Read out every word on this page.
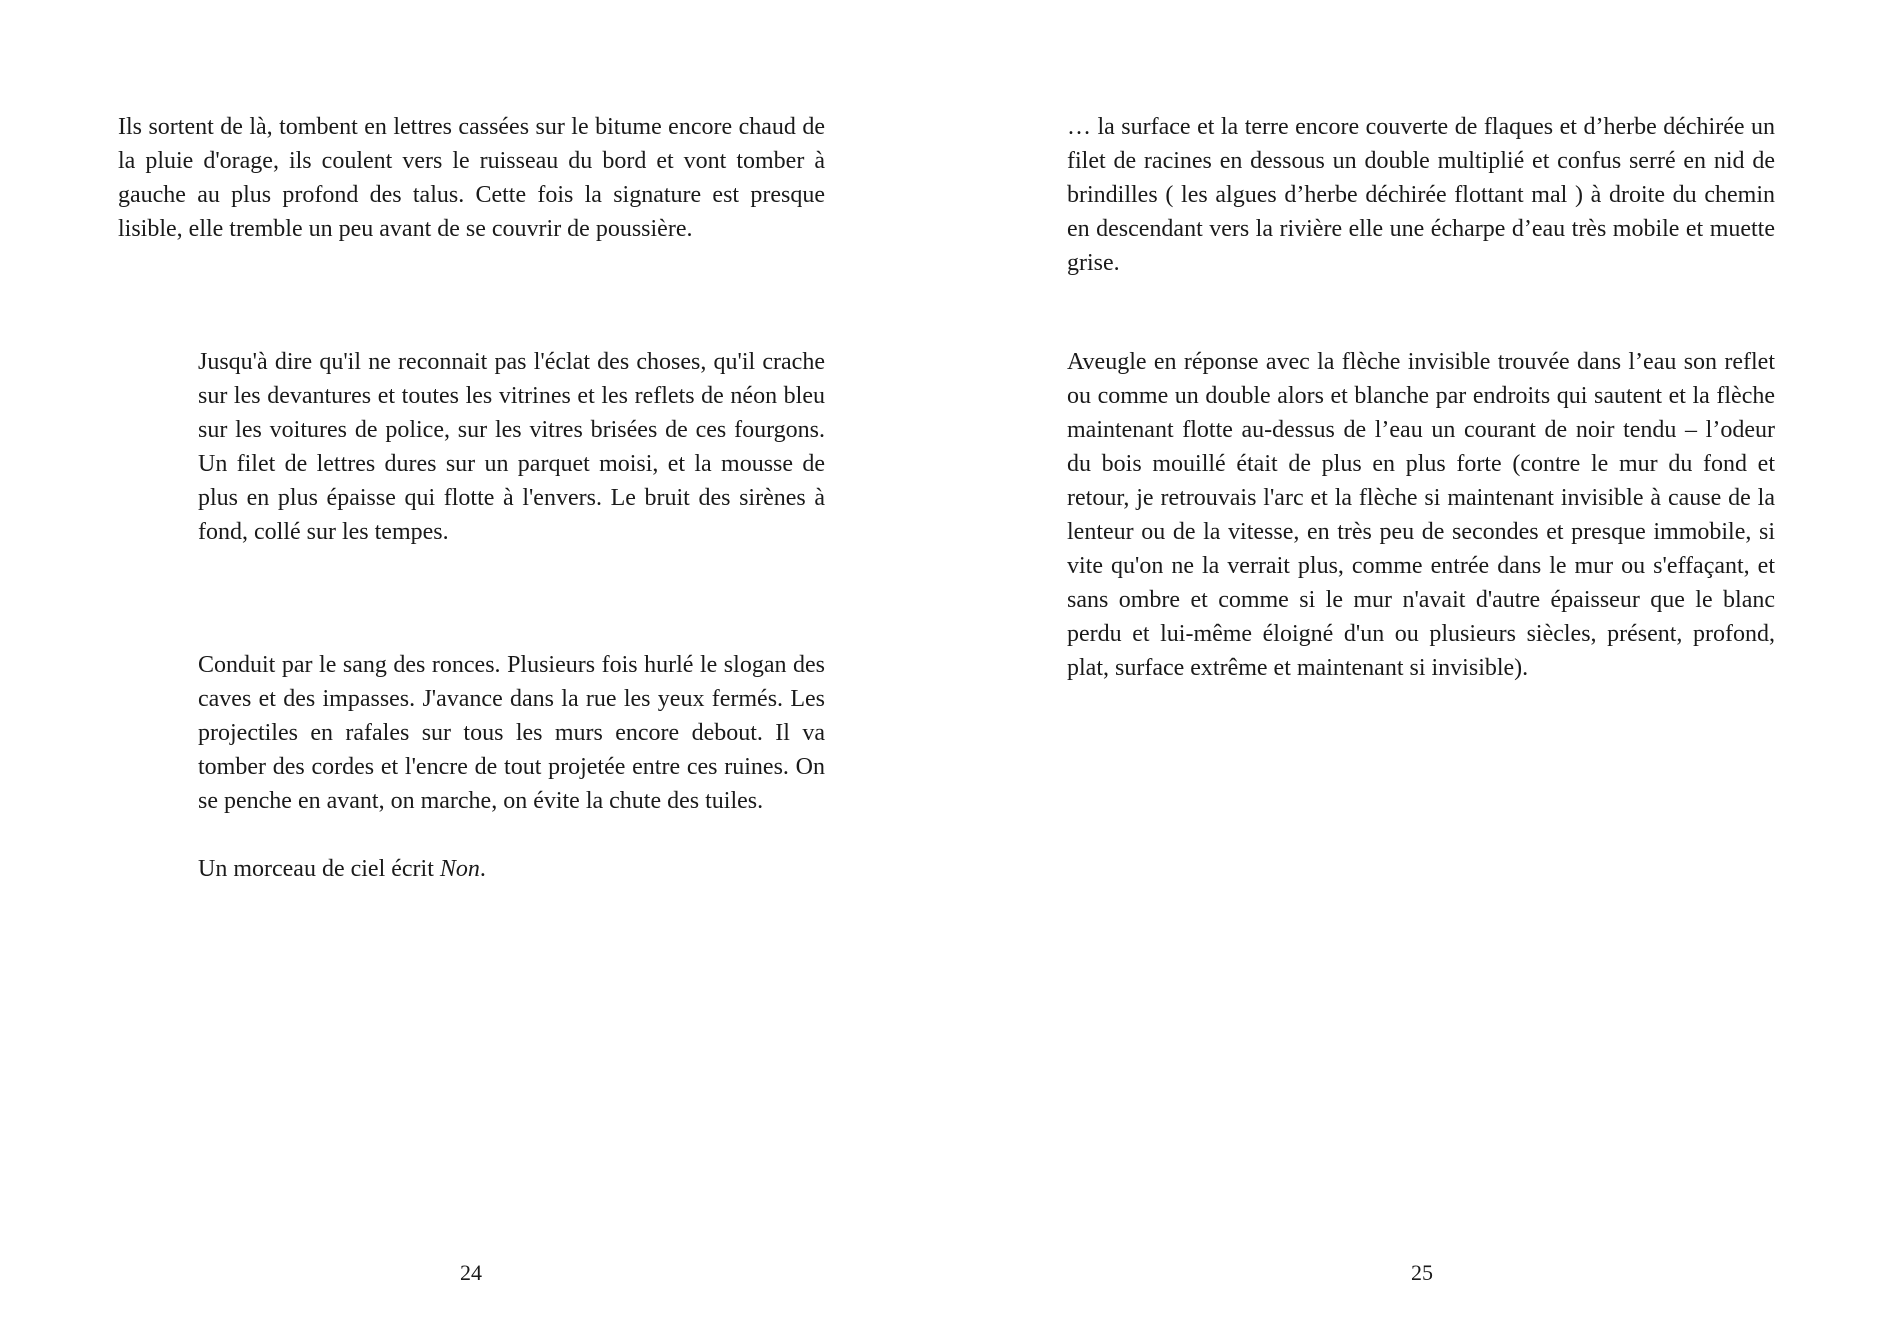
Ils sortent de là, tombent en lettres cassées sur le bitume encore chaud de la pluie d'orage, ils coulent vers le ruisseau du bord et vont tomber à gauche au plus profond des talus. Cette fois la signature est presque lisible, elle tremble un peu avant de se couvrir de poussière.

Jusqu'à dire qu'il ne reconnait pas l'éclat des choses, qu'il crache sur les devantures et toutes les vitrines et les reflets de néon bleu sur les voitures de police, sur les vitres brisées de ces fourgons. Un filet de lettres dures sur un parquet moisi, et la mousse de plus en plus épaisse qui flotte à l'envers. Le bruit des sirènes à fond, collé sur les tempes.

Conduit par le sang des ronces. Plusieurs fois hurlé le slogan des caves et des impasses. J'avance dans la rue les yeux fermés. Les projectiles en rafales sur tous les murs encore debout. Il va tomber des cordes et l'encre de tout projetée entre ces ruines. On se penche en avant, on marche, on évite la chute des tuiles.

Un morceau de ciel écrit Non.

24

… la surface et la terre encore couverte de flaques et d’herbe déchirée un filet de racines en dessous un double multiplié et confus serré en nid de brindilles ( les algues d’herbe déchirée flottant mal ) à droite du chemin en descendant vers la rivière elle une écharpe d’eau très mobile et muette grise.

Aveugle en réponse avec la flèche invisible trouvée dans l’eau son reflet ou comme un double alors et blanche par endroits qui sautent et la flèche maintenant flotte au-dessus de l’eau un courant de noir tendu – l’odeur du bois mouillé était de plus en plus forte (contre le mur du fond et retour, je retrouvais l'arc et la flèche si maintenant invisible à cause de la lenteur ou de la vitesse, en très peu de secondes et presque immobile, si vite qu'on ne la verrait plus, comme entrée dans le mur ou s'effaçant, et sans ombre et comme si le mur n'avait d'autre épaisseur que le blanc perdu et lui-même éloigné d'un ou plusieurs siècles, présent, profond, plat, surface extrême et maintenant si invisible).

25
